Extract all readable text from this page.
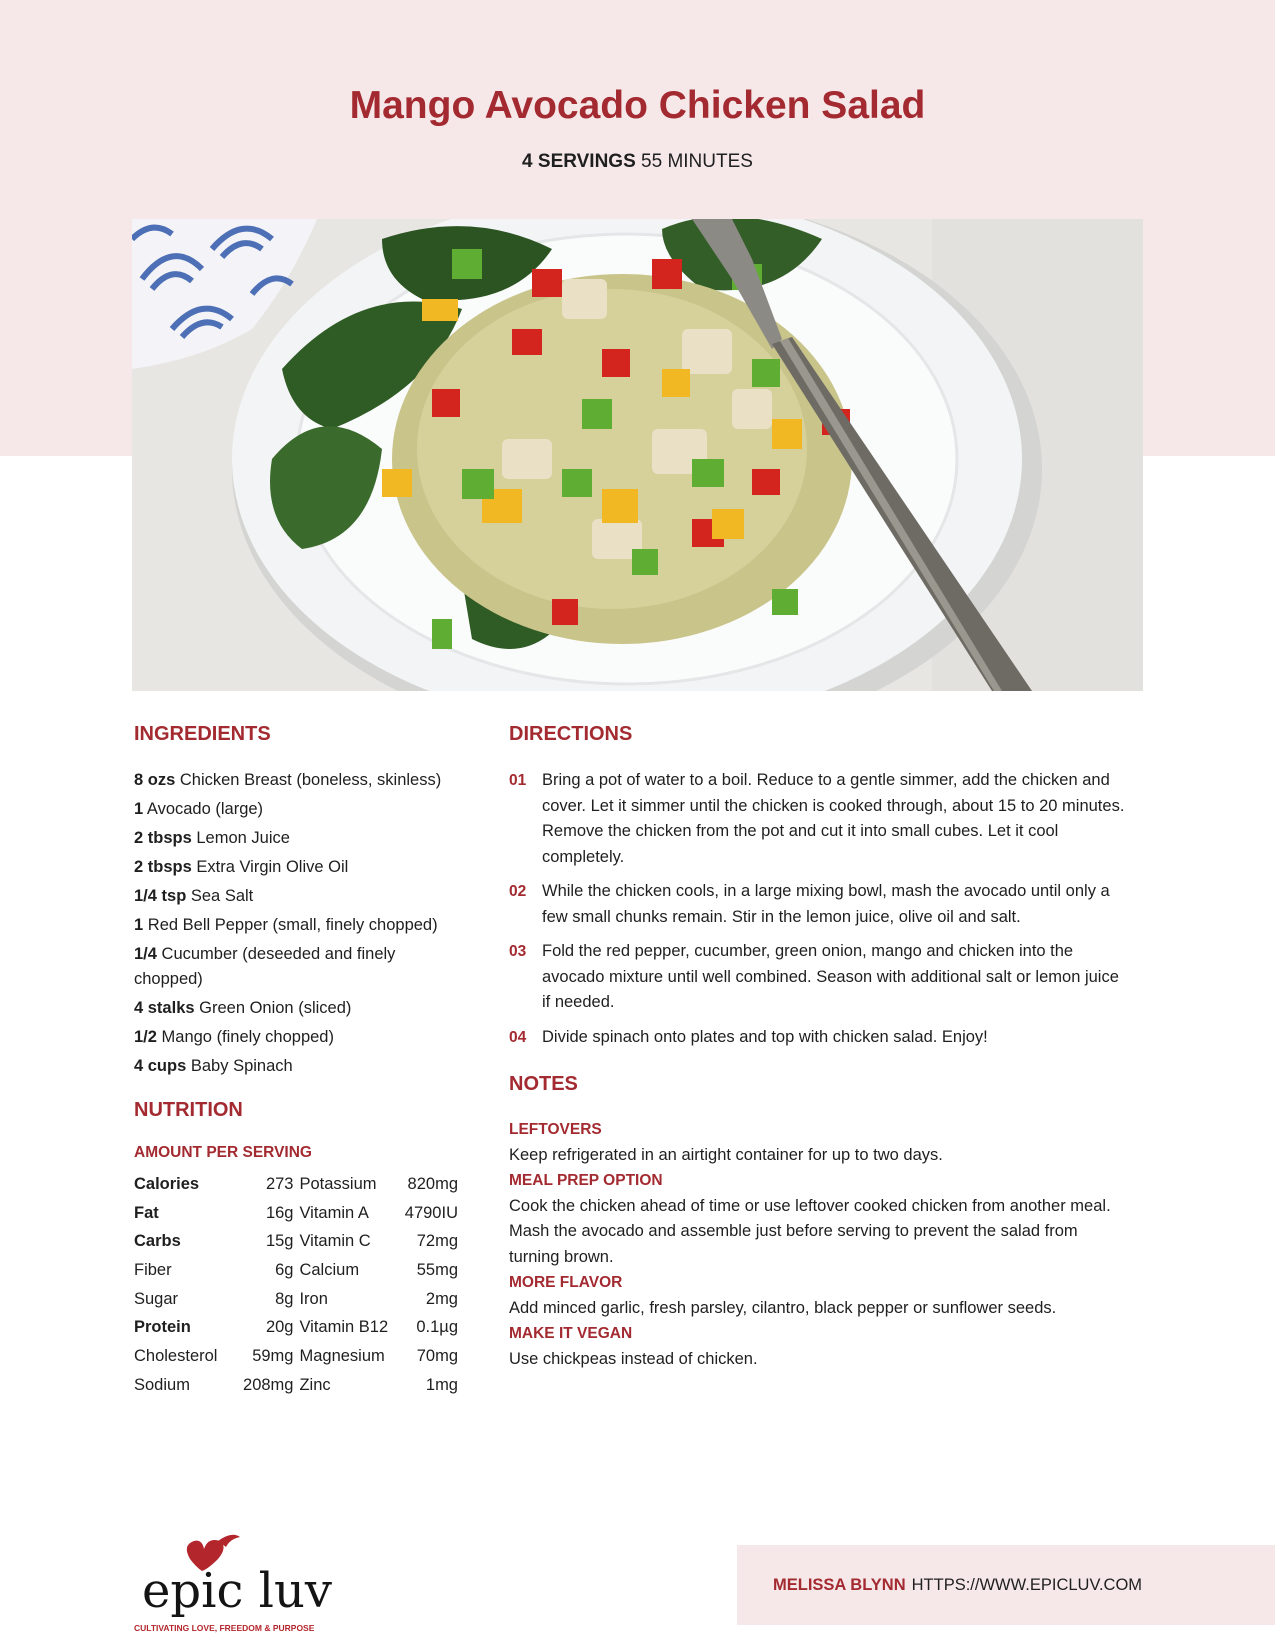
Mango Avocado Chicken Salad
4 SERVINGS 55 MINUTES
INGREDIENTS
8 ozs Chicken Breast (boneless, skinless)
1 Avocado (large)
2 tbsps Lemon Juice
2 tbsps Extra Virgin Olive Oil
1/4 tsp Sea Salt
1 Red Bell Pepper (small, finely chopped)
1/4 Cucumber (deseeded and finely chopped)
4 stalks Green Onion (sliced)
1/2 Mango (finely chopped)
4 cups Baby Spinach
NUTRITION
AMOUNT PER SERVING
Calories	273	Potassium	820mg
Fat	16g	Vitamin A	4790IU
Carbs	15g	Vitamin C	72mg
Fiber	6g	Calcium	55mg
Sugar	8g	Iron	2mg
Protein	20g	Vitamin B12	0.1µg
Cholesterol	59mg	Magnesium	70mg
Sodium	208mg	Zinc	1mg
DIRECTIONS
01 Bring a pot of water to a boil. Reduce to a gentle simmer, add the chicken and cover. Let it simmer until the chicken is cooked through, about 15 to 20 minutes. Remove the chicken from the pot and cut it into small cubes. Let it cool completely.
02 While the chicken cools, in a large mixing bowl, mash the avocado until only a few small chunks remain. Stir in the lemon juice, olive oil and salt.
03 Fold the red pepper, cucumber, green onion, mango and chicken into the avocado mixture until well combined. Season with additional salt or lemon juice if needed.
04 Divide spinach onto plates and top with chicken salad. Enjoy!
NOTES
LEFTOVERS
Keep refrigerated in an airtight container for up to two days.
MEAL PREP OPTION
Cook the chicken ahead of time or use leftover cooked chicken from another meal. Mash the avocado and assemble just before serving to prevent the salad from turning brown.
MORE FLAVOR
Add minced garlic, fresh parsley, cilantro, black pepper or sunflower seeds.
MAKE IT VEGAN
Use chickpeas instead of chicken.
epic luv
CULTIVATING LOVE, FREEDOM & PURPOSE
MELISSA BLYNN HTTPS://WWW.EPICLUV.COM
